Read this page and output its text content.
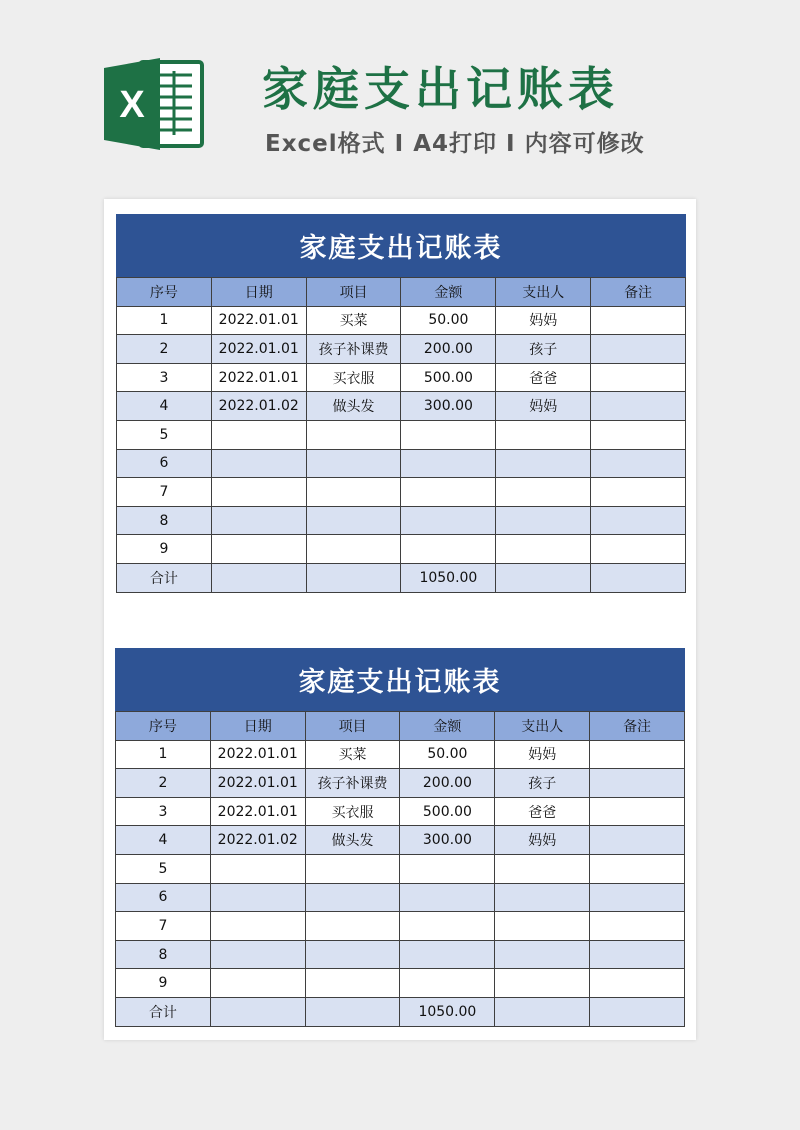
X	家庭支出记账表
Excel格式 Ⅰ A4打印 Ⅰ 内容可修改
家庭支出记账表
序号	日期	项目	金额	支出人	备注
1	2022.01.01	买菜	50.00	妈妈	
2	2022.01.01	孩子补课费	200.00	孩子	
3	2022.01.01	买衣服	500.00	爸爸	
4	2022.01.02	做头发	300.00	妈妈	
5					
6					
7					
8					
9					
合计			1050.00		
家庭支出记账表
序号	日期	项目	金额	支出人	备注
1	2022.01.01	买菜	50.00	妈妈	
2	2022.01.01	孩子补课费	200.00	孩子	
3	2022.01.01	买衣服	500.00	爸爸	
4	2022.01.02	做头发	300.00	妈妈	
5					
6					
7					
8					
9					
合计			1050.00		
